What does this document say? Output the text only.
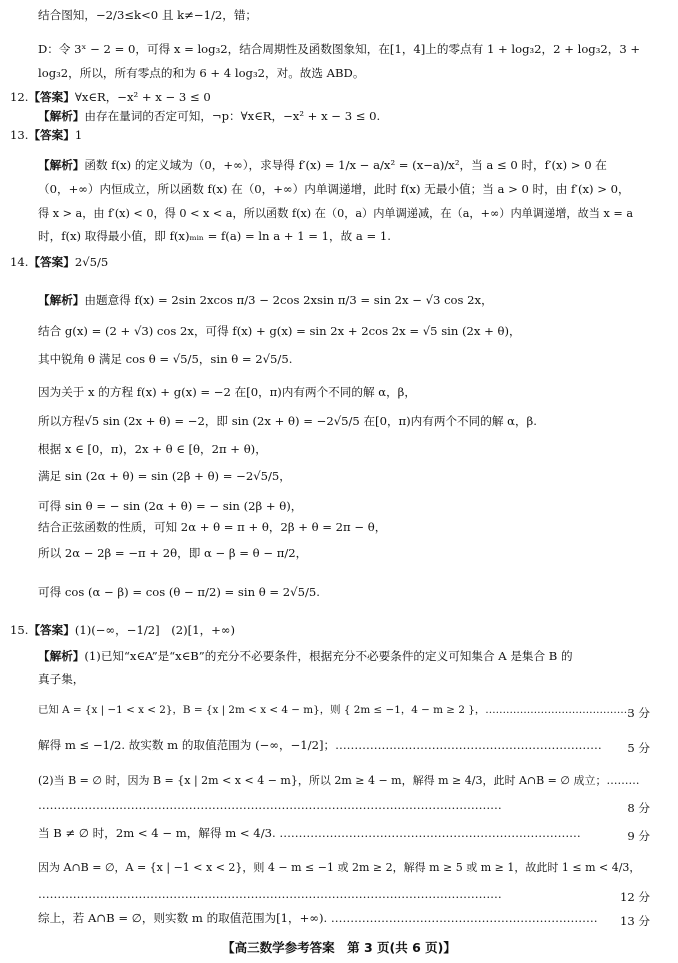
结合图知，−2/3≤k<0 且 k≠−1/2，错；
D：令 3ˣ − 2 = 0，可得 x = log₃2，结合周期性及函数图象知，在[1，4]上的零点有 1 + log₃2，2 + log₃2，3 +
log₃2，所以，所有零点的和为 6 + 4 log₃2，对。故选 ABD。
12.【答案】∀x∈R，−x² + x − 3 ≤ 0
【解析】由存在量词的否定可知，¬p：∀x∈R，−x² + x − 3 ≤ 0.
13.【答案】1
【解析】函数 f(x) 的定义域为（0，+∞），求导得 f′(x) = 1/x − a/x² = (x−a)/x²，当 a ≤ 0 时，f′(x) > 0 在
（0，+∞）内恒成立，所以函数 f(x) 在（0，+∞）内单调递增，此时 f(x) 无最小值；当 a > 0 时，由 f′(x) > 0，
得 x > a，由 f′(x) < 0，得 0 < x < a，所以函数 f(x) 在（0，a）内单调递减，在（a，+∞）内单调递增，故当 x = a
时，f(x) 取得最小值，即 f(x)ₘᵢₙ = f(a) = ln a + 1 = 1，故 a = 1.
14.【答案】2√5/5
【解析】由题意得 f(x) = 2sin 2xcos π/3 − 2cos 2xsin π/3 = sin 2x − √3 cos 2x，
结合 g(x) = (2 + √3) cos 2x，可得 f(x) + g(x) = sin 2x + 2cos 2x = √5 sin (2x + θ)，
其中锐角 θ 满足 cos θ = √5/5，sin θ = 2√5/5.
因为关于 x 的方程 f(x) + g(x) = −2 在[0，π)内有两个不同的解 α，β，
所以方程√5 sin (2x + θ) = −2，即 sin (2x + θ) = −2√5/5 在[0，π)内有两个不同的解 α，β.
根据 x ∈ [0，π)，2x + θ ∈ [θ，2π + θ)，
满足 sin (2α + θ) = sin (2β + θ) = −2√5/5，
可得 sin θ = − sin (2α + θ) = − sin (2β + θ)，
结合正弦函数的性质，可知 2α + θ = π + θ，2β + θ = 2π − θ，
所以 2α − 2β = −π + 2θ，即 α − β = θ − π/2，
可得 cos (α − β) = cos (θ − π/2) = sin θ = 2√5/5.
15.【答案】(1)(−∞，−1/2]　(2)[1，+∞)
【解析】(1)已知“x∈A”是“x∈B”的充分不必要条件，根据充分不必要条件的定义可知集合 A 是集合 B 的
真子集，
已知 A = {x | −1 < x < 2}，B = {x | 2m < x < 4 − m}，则 { 2m ≤ −1，4 − m ≥ 2 }，……………………………………
3 分
解得 m ≤ −1/2. 故实数 m 的取值范围为 (−∞，−1/2]；…………………………………………………………… 5 分
(2)当 B = ∅ 时，因为 B = {x | 2m < x < 4 − m}，所以 2m ≥ 4 − m，解得 m ≥ 4/3，此时 A∩B = ∅ 成立；………
…………………………………………………………………………………………………………	8 分
当 B ≠ ∅ 时，2m < 4 − m，解得 m < 4/3. ……………………………………………………………………	9 分
因为 A∩B = ∅，A = {x | −1 < x < 2}，则 4 − m ≤ −1 或 2m ≥ 2，解得 m ≥ 5 或 m ≥ 1，故此时 1 ≤ m < 4/3，
…………………………………………………………………………………………………………	12 分
综上，若 A∩B = ∅，则实数 m 的取值范围为[1，+∞). …………………………………………………………… 13 分
【高三数学参考答案　第 3 页(共 6 页)】
